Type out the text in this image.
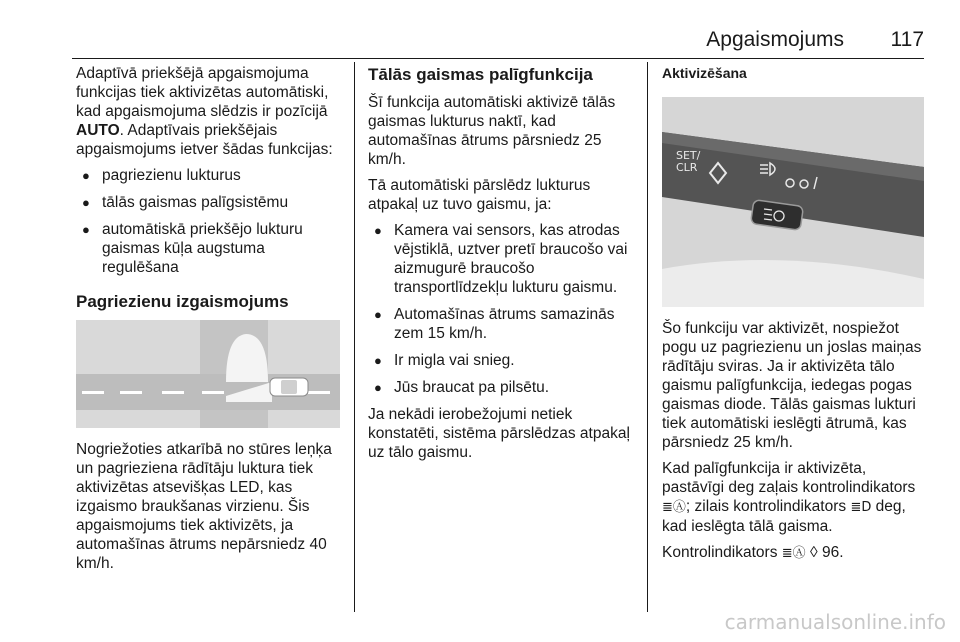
Apgaismojums 117

Adaptīvā priekšējā apgaismojuma funkcijas tiek aktivizētas automātiski, kad apgaismojuma slēdzis ir pozīcijā AUTO. Adaptīvais priekšējais apgaismojums ietver šādas funkcijas:

● pagriezienu lukturus
● tālās gaismas palīgsistēmu
● automātiskā priekšējo lukturu gaismas kūļa augstuma regulēšana
Pagriezienu izgaismojums

Nogriežoties atkarībā no stūres leņķa un pagrieziena rādītāju luktura tiek aktivizētas atsevišķas LED, kas izgaismo braukšanas virzienu. Šis apgaismojums tiek aktivizēts, ja automašīnas ātrums nepārsniedz 40 km/h.

Tālās gaismas palīgfunkcija

Šī funkcija automātiski aktivizē tālās gaismas lukturus naktī, kad automašīnas ātrums pārsniedz 25 km/h.

Tā automātiski pārslēdz lukturus atpakaļ uz tuvo gaismu, ja:

● Kamera vai sensors, kas atrodas vējstiklā, uztver pretī braucošo vai aizmugurē braucošo transportlīdzekļu lukturu gaismu.
● Automašīnas ātrums samazinās zem 15 km/h.
● Ir migla vai snieg.
● Jūs braucat pa pilsētu.

Ja nekādi ierobežojumi netiek konstatēti, sistēma pārslēdzas atpakaļ uz tālo gaismu.

Aktivizēšana
SET/
CLR

Šo funkciju var aktivizēt, nospiežot pogu uz pagriezienu un joslas maiņas rādītāju sviras. Ja ir aktivizēta tālo gaismu palīgfunkcija, iedegas pogas gaismas diode. Tālās gaismas lukturi tiek automātiski ieslēgti ātrumā, kas pārsniedz 25 km/h.

Kad palīgfunkcija ir aktivizēta, pastāvīgi deg zaļais kontrolindikators ≣Ⓐ; zilais kontrolindikators ≣D deg, kad ieslēgta tālā gaisma.

Kontrolindikators ≣Ⓐ ◊ 96.

carmanualsonline.info
